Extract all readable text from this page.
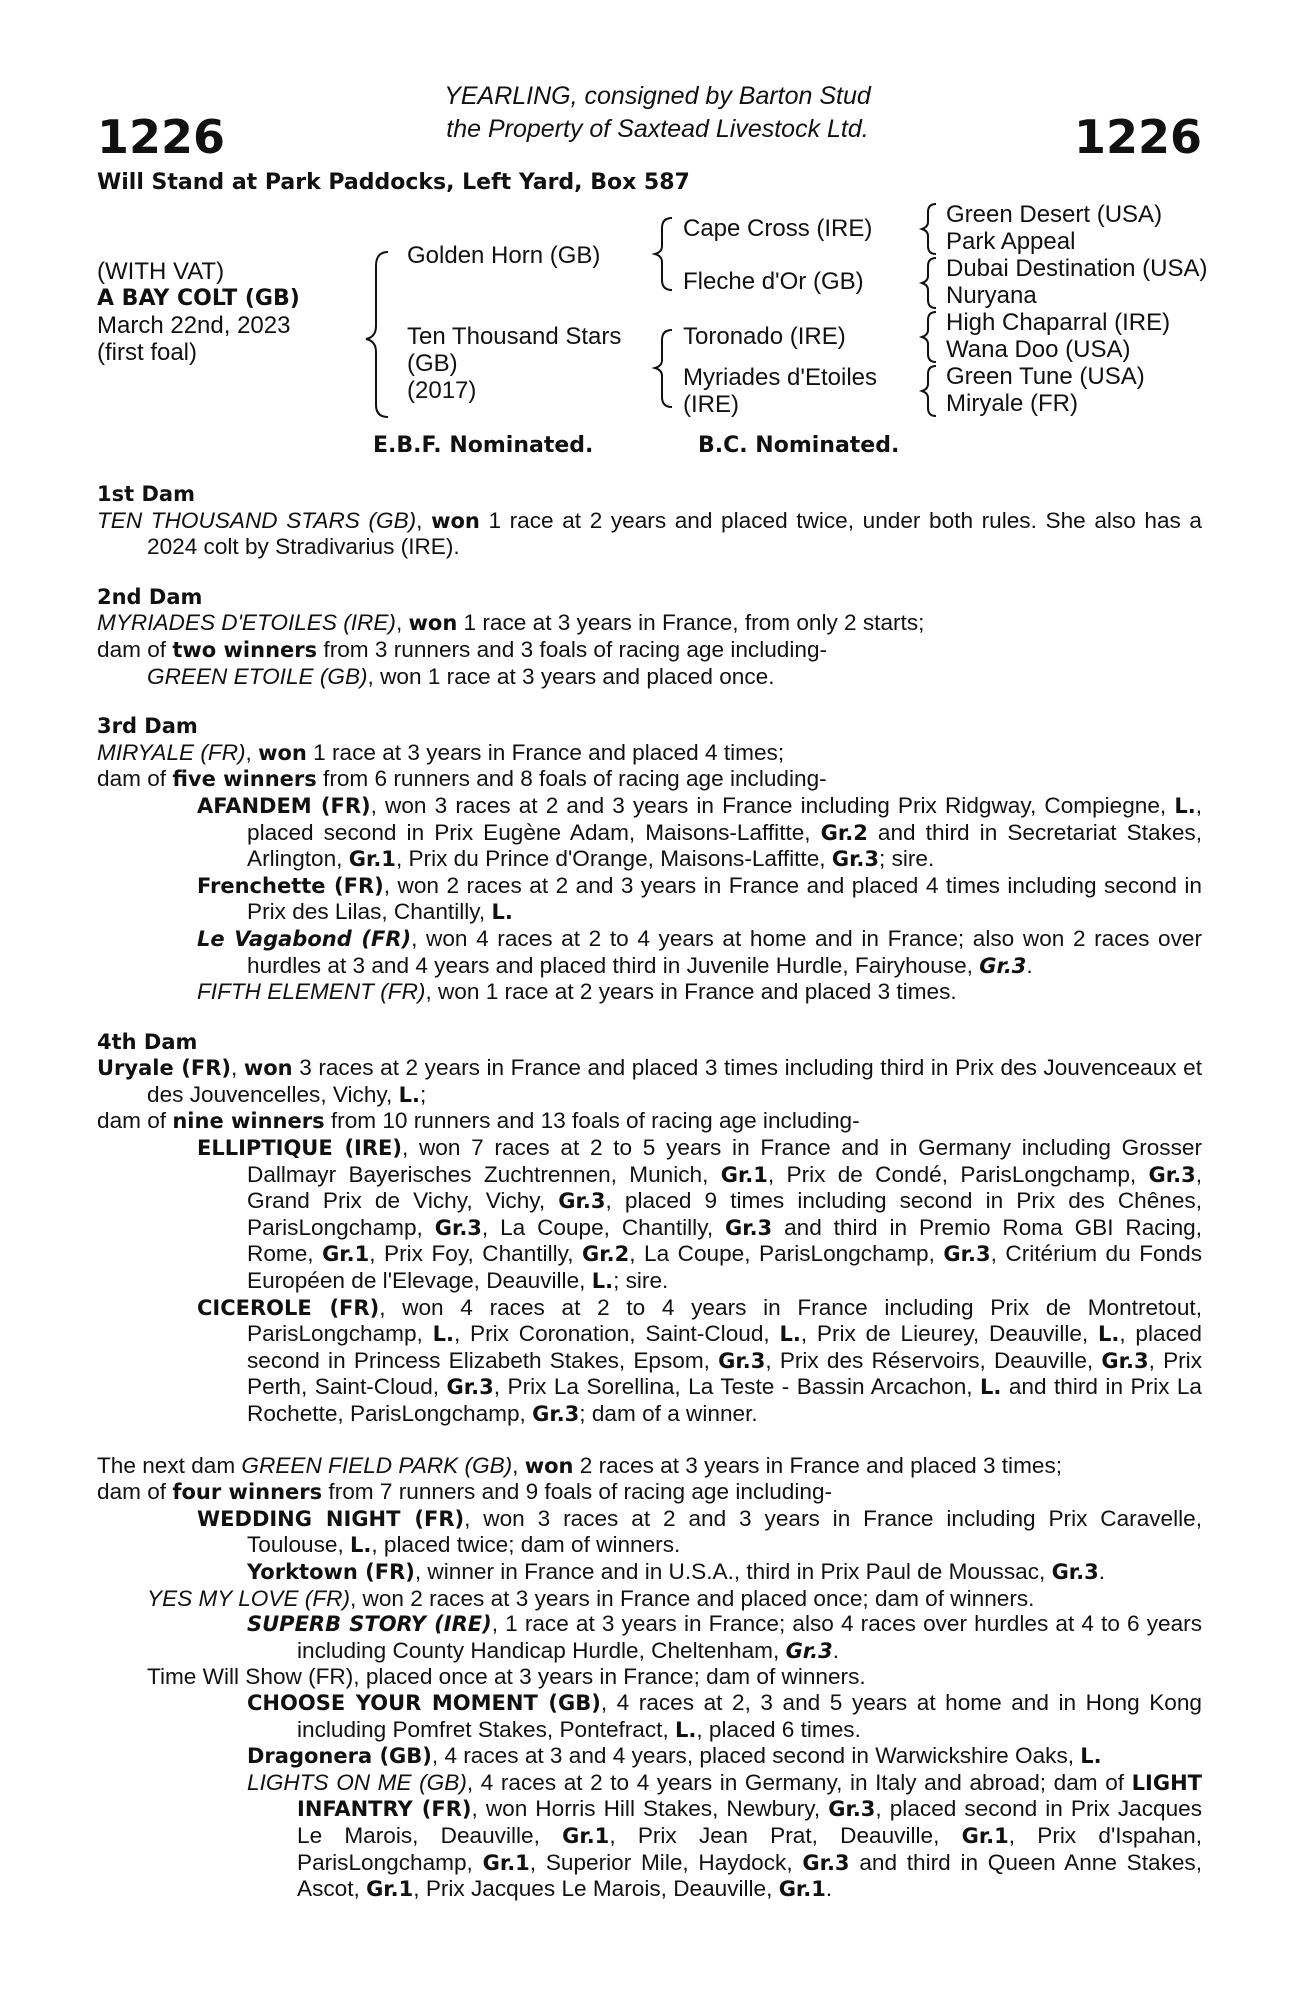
1226	1226
YEARLING, consigned by Barton Stud
the Property of Saxtead Livestock Ltd.
Will Stand at Park Paddocks, Left Yard, Box 587
(WITH VAT)
A BAY COLT (GB)
March 22nd, 2023
(first foal)
Golden Horn (GB)
Ten Thousand Stars
(GB)
(2017)
Cape Cross (IRE)
Fleche d'Or (GB)
Toronado (IRE)
Myriades d'Etoiles
(IRE)
Green Desert (USA)
Park Appeal
Dubai Destination (USA)
Nuryana
High Chaparral (IRE)
Wana Doo (USA)
Green Tune (USA)
Miryale (FR)
E.B.F. Nominated.	B.C. Nominated.
1st Dam
TEN THOUSAND STARS (GB), won 1 race at 2 years and placed twice, under both rules. She also has a 2024 colt by Stradivarius (IRE).
2nd Dam
MYRIADES D'ETOILES (IRE), won 1 race at 3 years in France, from only 2 starts;
dam of two winners from 3 runners and 3 foals of racing age including-
GREEN ETOILE (GB), won 1 race at 3 years and placed once.
3rd Dam
MIRYALE (FR), won 1 race at 3 years in France and placed 4 times;
dam of five winners from 6 runners and 8 foals of racing age including-
AFANDEM (FR), won 3 races at 2 and 3 years in France including Prix Ridgway, Compiegne, L., placed second in Prix Eugène Adam, Maisons-Laffitte, Gr.2 and third in Secretariat Stakes, Arlington, Gr.1, Prix du Prince d'Orange, Maisons-Laffitte, Gr.3; sire.
Frenchette (FR), won 2 races at 2 and 3 years in France and placed 4 times including second in Prix des Lilas, Chantilly, L.
Le Vagabond (FR), won 4 races at 2 to 4 years at home and in France; also won 2 races over hurdles at 3 and 4 years and placed third in Juvenile Hurdle, Fairyhouse, Gr.3.
FIFTH ELEMENT (FR), won 1 race at 2 years in France and placed 3 times.
4th Dam
Uryale (FR), won 3 races at 2 years in France and placed 3 times including third in Prix des Jouvenceaux et des Jouvencelles, Vichy, L.;
dam of nine winners from 10 runners and 13 foals of racing age including-
ELLIPTIQUE (IRE), won 7 races at 2 to 5 years in France and in Germany including Grosser Dallmayr Bayerisches Zuchtrennen, Munich, Gr.1, Prix de Condé, ParisLongchamp, Gr.3, Grand Prix de Vichy, Vichy, Gr.3, placed 9 times including second in Prix des Chênes, ParisLongchamp, Gr.3, La Coupe, Chantilly, Gr.3 and third in Premio Roma GBI Racing, Rome, Gr.1, Prix Foy, Chantilly, Gr.2, La Coupe, ParisLongchamp, Gr.3, Critérium du Fonds Européen de l'Elevage, Deauville, L.; sire.
CICEROLE (FR), won 4 races at 2 to 4 years in France including Prix de Montretout, ParisLongchamp, L., Prix Coronation, Saint-Cloud, L., Prix de Lieurey, Deauville, L., placed second in Princess Elizabeth Stakes, Epsom, Gr.3, Prix des Réservoirs, Deauville, Gr.3, Prix Perth, Saint-Cloud, Gr.3, Prix La Sorellina, La Teste - Bassin Arcachon, L. and third in Prix La Rochette, ParisLongchamp, Gr.3; dam of a winner.
The next dam GREEN FIELD PARK (GB), won 2 races at 3 years in France and placed 3 times;
dam of four winners from 7 runners and 9 foals of racing age including-
WEDDING NIGHT (FR), won 3 races at 2 and 3 years in France including Prix Caravelle, Toulouse, L., placed twice; dam of winners.
Yorktown (FR), winner in France and in U.S.A., third in Prix Paul de Moussac, Gr.3.
YES MY LOVE (FR), won 2 races at 3 years in France and placed once; dam of winners.
SUPERB STORY (IRE), 1 race at 3 years in France; also 4 races over hurdles at 4 to 6 years including County Handicap Hurdle, Cheltenham, Gr.3.
Time Will Show (FR), placed once at 3 years in France; dam of winners.
CHOOSE YOUR MOMENT (GB), 4 races at 2, 3 and 5 years at home and in Hong Kong including Pomfret Stakes, Pontefract, L., placed 6 times.
Dragonera (GB), 4 races at 3 and 4 years, placed second in Warwickshire Oaks, L.
LIGHTS ON ME (GB), 4 races at 2 to 4 years in Germany, in Italy and abroad; dam of LIGHT INFANTRY (FR), won Horris Hill Stakes, Newbury, Gr.3, placed second in Prix Jacques Le Marois, Deauville, Gr.1, Prix Jean Prat, Deauville, Gr.1, Prix d'Ispahan, ParisLongchamp, Gr.1, Superior Mile, Haydock, Gr.3 and third in Queen Anne Stakes, Ascot, Gr.1, Prix Jacques Le Marois, Deauville, Gr.1.
